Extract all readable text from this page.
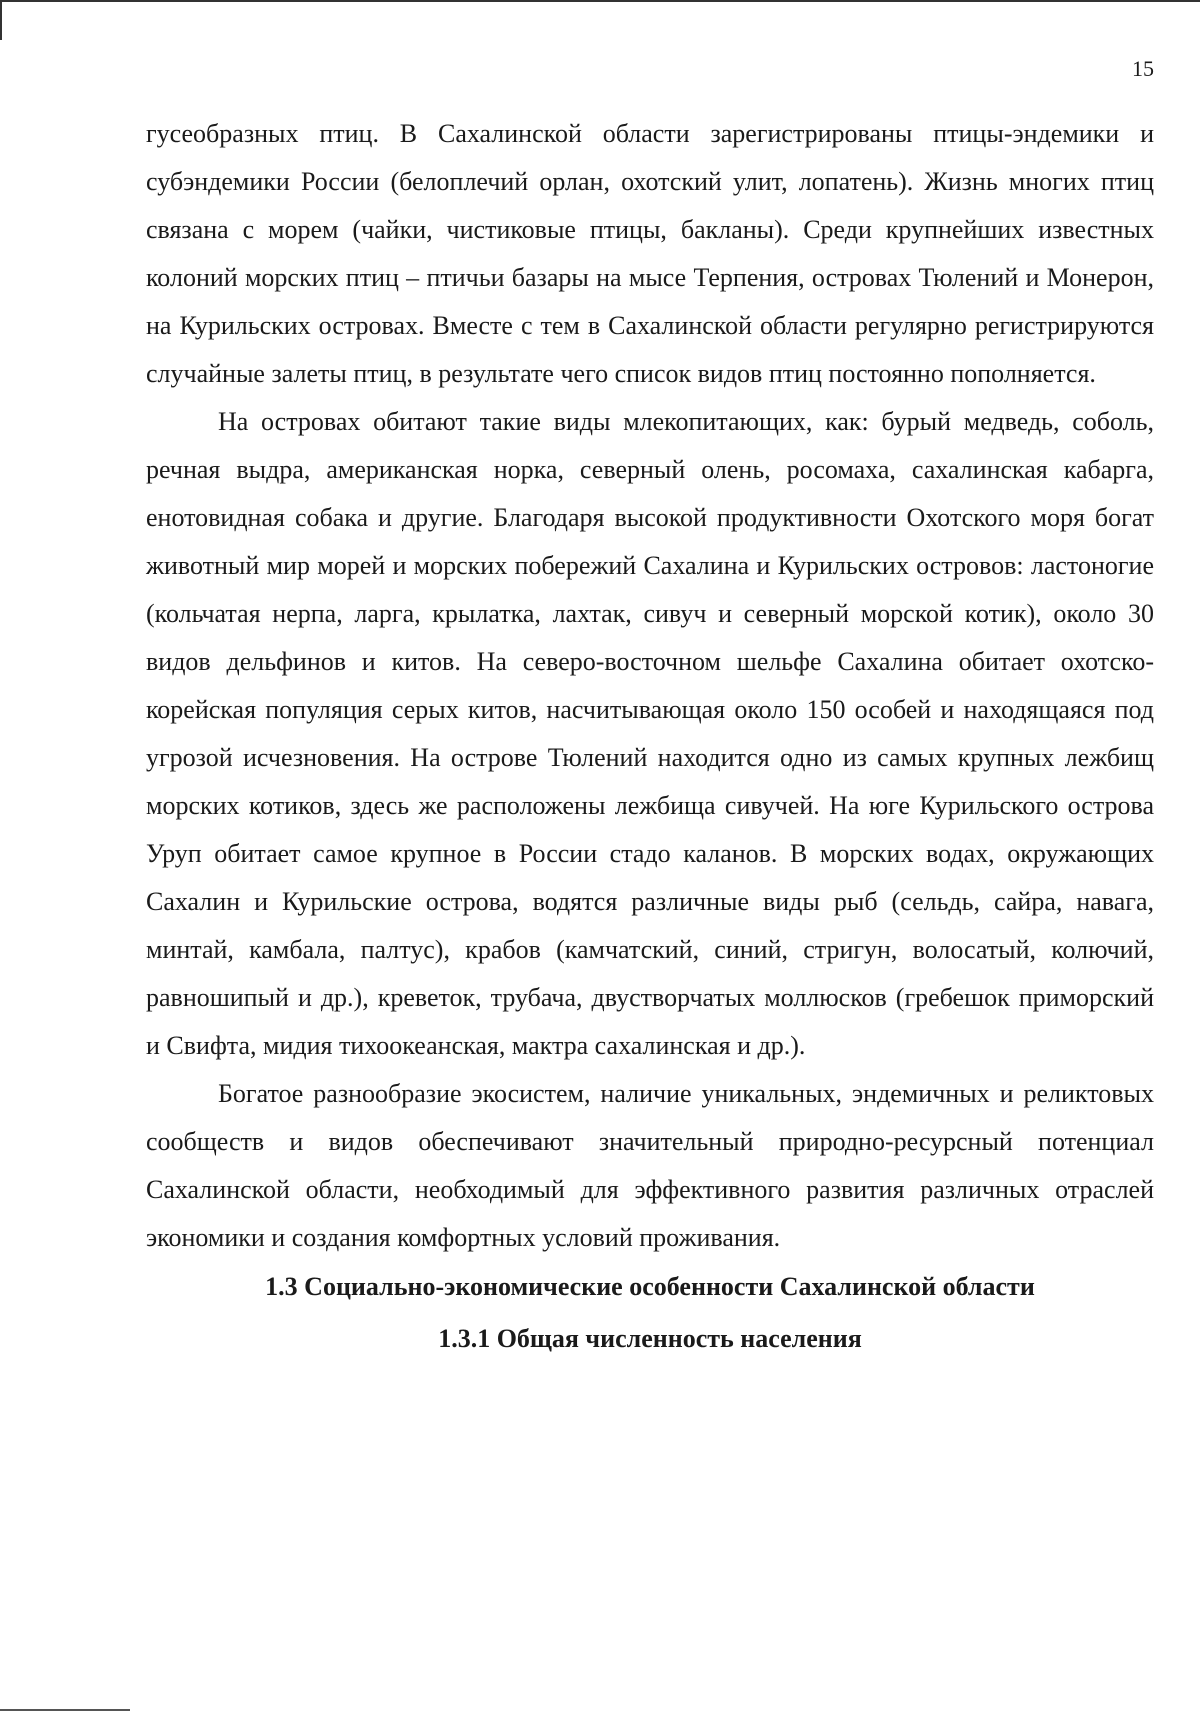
15

гусеобразных птиц. В Сахалинской области зарегистрированы птицы-эндемики и субэндемики России (белоплечий орлан, охотский улит, лопатень). Жизнь многих птиц связана с морем (чайки, чистиковые птицы, бакланы). Среди крупнейших известных колоний морских птиц – птичьи базары на мысе Терпения, островах Тюлений и Монерон, на Курильских островах. Вместе с тем в Сахалинской области регулярно регистрируются случайные залеты птиц, в результате чего список видов птиц постоянно пополняется.

На островах обитают такие виды млекопитающих, как: бурый медведь, соболь, речная выдра, американская норка, северный олень, росомаха, сахалинская кабарга, енотовидная собака и другие. Благодаря высокой продуктивности Охотского моря богат животный мир морей и морских побережий Сахалина и Курильских островов: ластоногие (кольчатая нерпа, ларга, крылатка, лахтак, сивуч и северный морской котик), около 30 видов дельфинов и китов. На северо-восточном шельфе Сахалина обитает охотско-корейская популяция серых китов, насчитывающая около 150 особей и находящаяся под угрозой исчезновения. На острове Тюлений находится одно из самых крупных лежбищ морских котиков, здесь же расположены лежбища сивучей. На юге Курильского острова Уруп обитает самое крупное в России стадо каланов. В морских водах, окружающих Сахалин и Курильские острова, водятся различные виды рыб (сельдь, сайра, навага, минтай, камбала, палтус), крабов (камчатский, синий, стригун, волосатый, колючий, равношипый и др.), креветок, трубача, двустворчатых моллюсков (гребешок приморский и Свифта, мидия тихоокеанская, мактра сахалинская и др.).

Богатое разнообразие экосистем, наличие уникальных, эндемичных и реликтовых сообществ и видов обеспечивают значительный природно-ресурсный потенциал Сахалинской области, необходимый для эффективного развития различных отраслей экономики и создания комфортных условий проживания.

1.3 Социально-экономические особенности Сахалинской области

1.3.1 Общая численность населения
